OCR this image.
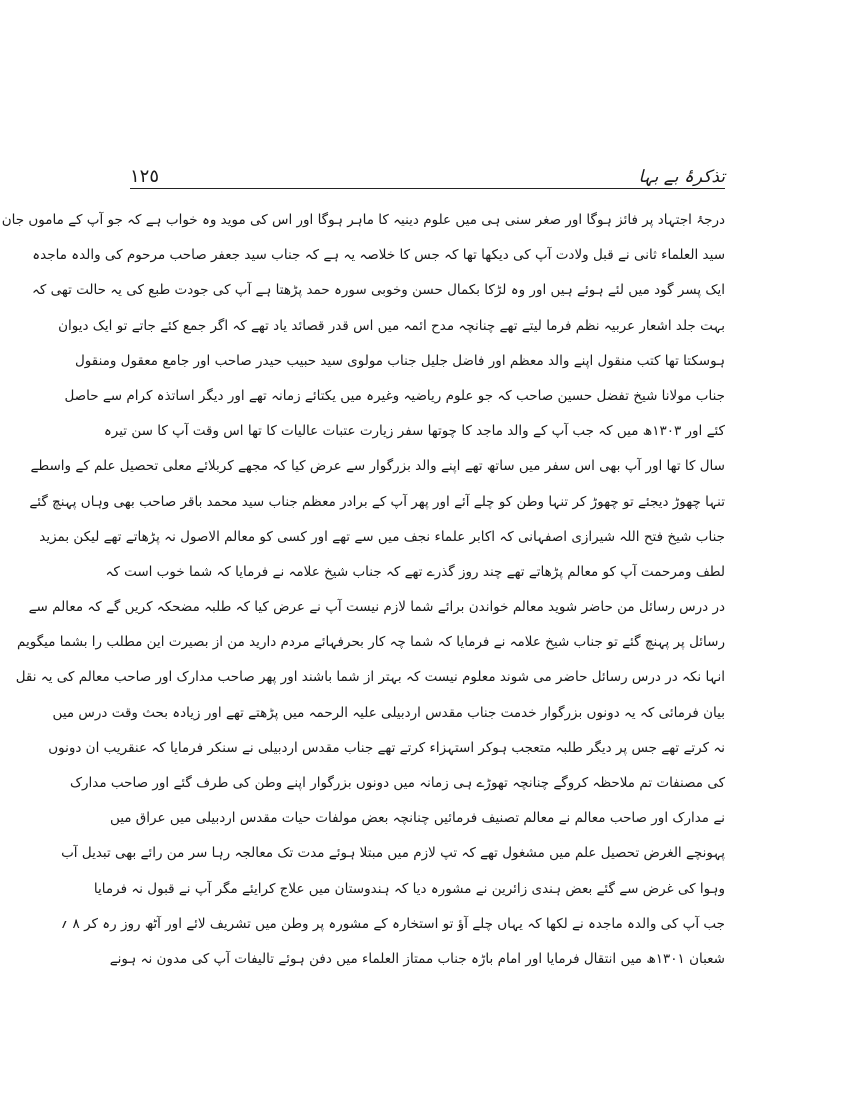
١٢٥	تذکرۂ بے بہا
درجۂ اجتہاد پر فائز ہوگا اور صغر سنی ہی میں علوم دینیہ کا ماہر ہوگا اور اس کی موید وہ خواب ہے کہ جو آپ کے ماموں جان
سید العلماء ثانی نے قبل ولادت آپ کی دیکھا تھا کہ جس کا خلاصہ یہ ہے کہ جناب سید جعفر صاحب مرحوم کی والدہ ماجدہ
ایک پسر گود میں لئے ہوئے ہیں اور وہ لڑکا بکمال حسن وخوبی سورہ حمد پڑھتا ہے آپ کی جودت طبع کی یہ حالت تھی کہ
بہت جلد اشعار عربیہ نظم فرما لیتے تھے چنانچہ مدح ائمہ میں اس قدر قصائد یاد تھے کہ اگر جمع کئے جاتے تو ایک دیوان
ہوسکتا تھا کتب منقول اپنے والد معظم اور فاضل جلیل جناب مولوی سید حبیب حیدر صاحب اور جامع معقول ومنقول
جناب مولانا شیخ تفضل حسین صاحب کہ جو علوم ریاضیہ وغیرہ میں یکتائے زمانہ تھے اور دیگر اساتذہ کرام سے حاصل
کئے اور ۱۳۰۳ھ میں کہ جب آپ کے والد ماجد کا چوتھا سفر زیارت عتبات عالیات کا تھا اس وقت آپ کا سن تیرہ
سال کا تھا اور آپ بھی اس سفر میں ساتھ تھے اپنے والد بزرگوار سے عرض کیا کہ مجھے کربلائے معلی تحصیل علم کے واسطے
تنہا چھوڑ دیجئے تو چھوڑ کر تنہا وطن کو چلے آئے اور پھر آپ کے برادر معظم جناب سید محمد باقر صاحب بھی وہاں پہنچ گئے
جناب شیخ فتح اللہ شیرازی اصفہانی کہ اکابر علماء نجف میں سے تھے اور کسی کو معالم الاصول نہ پڑھاتے تھے لیکن بمزید
لطف ومرحمت آپ کو معالم پڑھاتے تھے چند روز گذرے تھے کہ جناب شیخ علامہ نے فرمایا کہ شما خوب است کہ
در درس رسائل من حاضر شوید معالم خواندن برائے شما لازم نیست آپ نے عرض کیا کہ طلبہ مضحکہ کریں گے کہ معالم سے
رسائل پر پہنچ گئے تو جناب شیخ علامہ نے فرمایا کہ شما چہ کار بحرفہائے مردم دارید من از بصیرت این مطلب را بشما میگویم
انہا نکہ در درس رسائل حاضر می شوند معلوم نیست کہ بہتر از شما باشند اور پھر صاحب مدارک اور صاحب معالم کی یہ نقل
بیان فرمائی کہ یہ دونوں بزرگوار خدمت جناب مقدس اردبیلی علیہ الرحمہ میں پڑھتے تھے اور زیادہ بحث وقت درس میں
نہ کرتے تھے جس پر دیگر طلبہ متعجب ہوکر استہزاء کرتے تھے جناب مقدس اردبیلی نے سنکر فرمایا کہ عنقریب ان دونوں
کی مصنفات تم ملاحظہ کروگے چنانچہ تھوڑے ہی زمانہ میں دونوں بزرگوار اپنے وطن کی طرف گئے اور صاحب مدارک
نے مدارک اور صاحب معالم نے معالم تصنیف فرمائیں چنانچہ بعض مولفات حیات مقدس اردبیلی میں عراق میں
پہونچے الغرض تحصیل علم میں مشغول تھے کہ تپ لازم میں مبتلا ہوئے مدت تک معالجہ رہا سر من رائے بھی تبدیل آب
وہوا کی غرض سے گئے بعض ہندی زائرین نے مشورہ دیا کہ ہندوستان میں علاج کرایئے مگر آپ نے قبول نہ فرمایا
جب آپ کی والدہ ماجدہ نے لکھا کہ یہاں چلے آؤ تو استخارہ کے مشورہ پر وطن میں تشریف لائے اور آٹھ روز رہ کر ۸ ؍
شعبان ۱۳۰۱ھ میں انتقال فرمایا اور امام باڑہ جناب ممتاز العلماء میں دفن ہوئے تالیفات آپ کی مدون نہ ہونے
